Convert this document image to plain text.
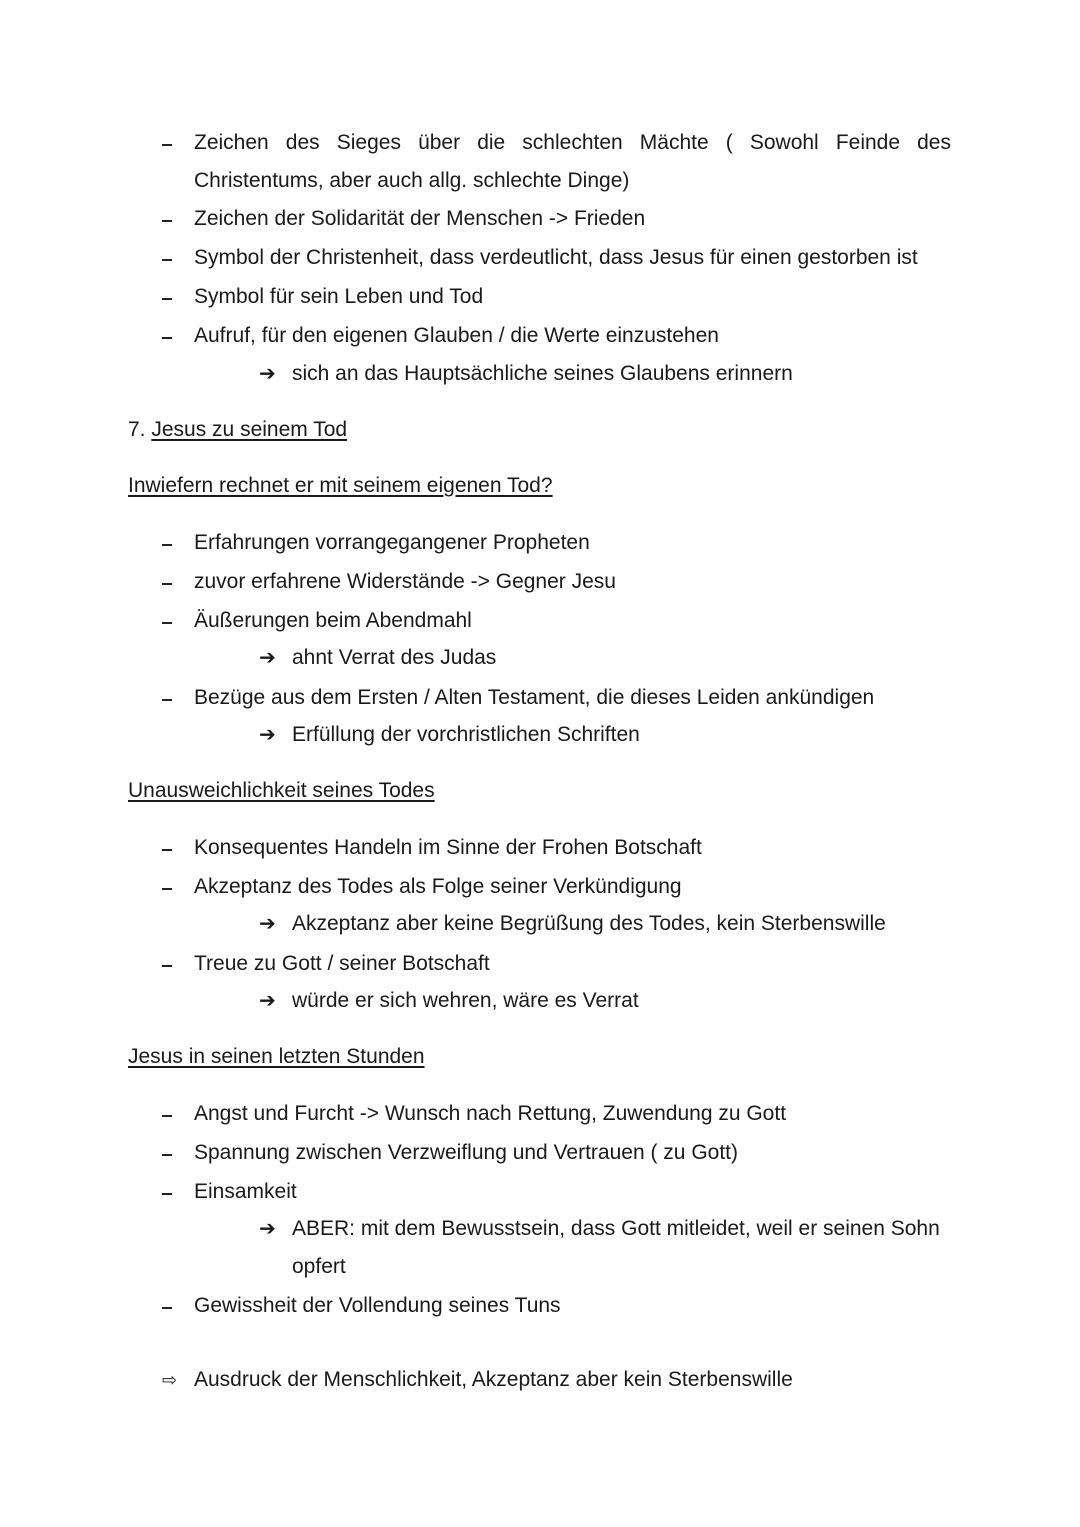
Zeichen des Sieges über die schlechten Mächte ( Sowohl Feinde des
Christentums, aber auch allg. schlechte Dinge)
Zeichen der Solidarität der Menschen -> Frieden
Symbol der Christenheit, dass verdeutlicht, dass Jesus für einen gestorben ist
Symbol für sein Leben und Tod
Aufruf, für den eigenen Glauben / die Werte einzustehen
➔ sich an das Hauptsächliche seines Glaubens erinnern
7. Jesus zu seinem Tod
Inwiefern rechnet er mit seinem eigenen Tod?
Erfahrungen vorrangegangener Propheten
zuvor erfahrene Widerstände -> Gegner Jesu
Äußerungen beim Abendmahl
➔ ahnt Verrat des Judas
Bezüge aus dem Ersten / Alten Testament, die dieses Leiden ankündigen
➔ Erfüllung der vorchristlichen Schriften
Unausweichlichkeit seines Todes
Konsequentes Handeln im Sinne der Frohen Botschaft
Akzeptanz des Todes als Folge seiner Verkündigung
➔ Akzeptanz aber keine Begrüßung des Todes, kein Sterbenswille
Treue zu Gott / seiner Botschaft
➔ würde er sich wehren, wäre es Verrat
Jesus in seinen letzten Stunden
Angst und Furcht -> Wunsch nach Rettung, Zuwendung zu Gott
Spannung zwischen Verzweiflung und Vertrauen ( zu Gott)
Einsamkeit
➔ ABER: mit dem Bewusstsein, dass Gott mitleidet, weil er seinen Sohn
opfert
Gewissheit der Vollendung seines Tuns
⇨ Ausdruck der Menschlichkeit, Akzeptanz aber kein Sterbenswille
